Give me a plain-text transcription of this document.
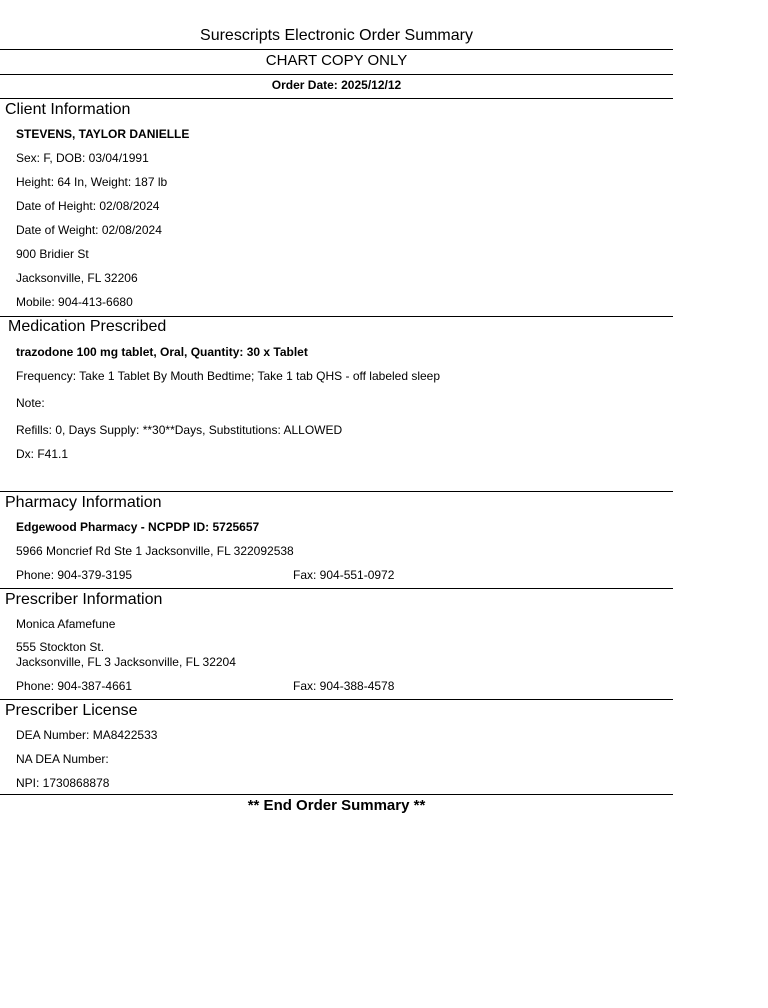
Surescripts Electronic Order Summary
CHART COPY ONLY
Order Date: 2025/12/12
Client Information
STEVENS, TAYLOR DANIELLE
Sex: F, DOB: 03/04/1991
Height: 64 In, Weight: 187 lb
Date of Height: 02/08/2024
Date of Weight: 02/08/2024
900 Bridier St
Jacksonville, FL 32206
Mobile: 904-413-6680
Medication Prescribed
trazodone 100 mg tablet, Oral, Quantity: 30 x Tablet
Frequency: Take 1 Tablet By Mouth Bedtime; Take 1 tab QHS - off labeled sleep
Note:
Refills: 0, Days Supply: **30**Days, Substitutions: ALLOWED
Dx: F41.1
Pharmacy Information
Edgewood Pharmacy - NCPDP ID: 5725657
5966 Moncrief Rd Ste 1 Jacksonville, FL 322092538
Phone: 904-379-3195	Fax: 904-551-0972
Prescriber Information
Monica Afamefune
555 Stockton St.
Jacksonville, FL 3 Jacksonville, FL 32204
Phone: 904-387-4661	Fax: 904-388-4578
Prescriber License
DEA Number: MA8422533
NA DEA Number:
NPI: 1730868878
** End Order Summary **
